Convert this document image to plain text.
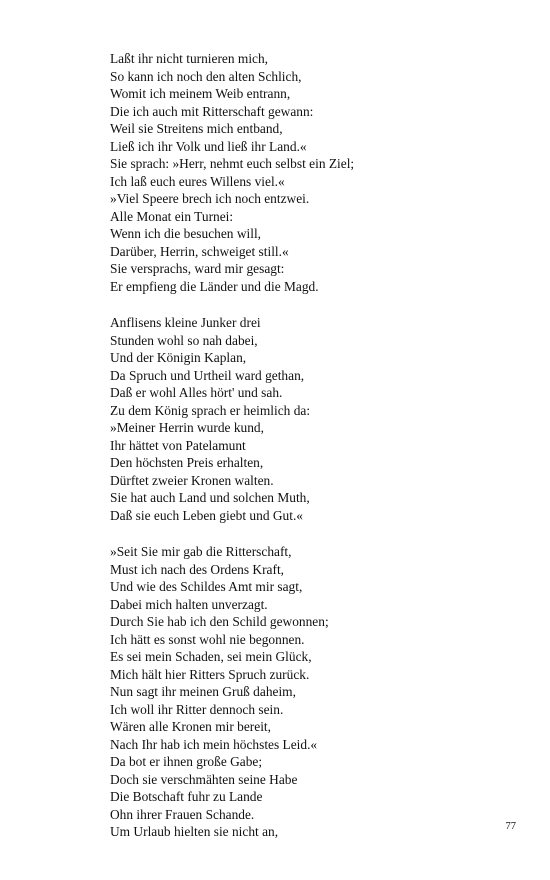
Laßt ihr nicht turnieren mich,
So kann ich noch den alten Schlich,
Womit ich meinem Weib entrann,
Die ich auch mit Ritterschaft gewann:
Weil sie Streitens mich entband,
Ließ ich ihr Volk und ließ ihr Land.«
Sie sprach: »Herr, nehmt euch selbst ein Ziel;
Ich laß euch eures Willens viel.«
»Viel Speere brech ich noch entzwei.
Alle Monat ein Turnei:
Wenn ich die besuchen will,
Darüber, Herrin, schweiget still.«
Sie versprachs, ward mir gesagt:
Er empfieng die Länder und die Magd.
Anflisens kleine Junker drei
Stunden wohl so nah dabei,
Und der Königin Kaplan,
Da Spruch und Urtheil ward gethan,
Daß er wohl Alles hört' und sah.
Zu dem König sprach er heimlich da:
»Meiner Herrin wurde kund,
Ihr hättet von Patelamunt
Den höchsten Preis erhalten,
Dürftet zweier Kronen walten.
Sie hat auch Land und solchen Muth,
Daß sie euch Leben giebt und Gut.«
»Seit Sie mir gab die Ritterschaft,
Must ich nach des Ordens Kraft,
Und wie des Schildes Amt mir sagt,
Dabei mich halten unverzagt.
Durch Sie hab ich den Schild gewonnen;
Ich hätt es sonst wohl nie begonnen.
Es sei mein Schaden, sei mein Glück,
Mich hält hier Ritters Spruch zurück.
Nun sagt ihr meinen Gruß daheim,
Ich woll ihr Ritter dennoch sein.
Wären alle Kronen mir bereit,
Nach Ihr hab ich mein höchstes Leid.«
Da bot er ihnen große Gabe;
Doch sie verschmähten seine Habe
Die Botschaft fuhr zu Lande
Ohn ihrer Frauen Schande.
Um Urlaub hielten sie nicht an,	77
